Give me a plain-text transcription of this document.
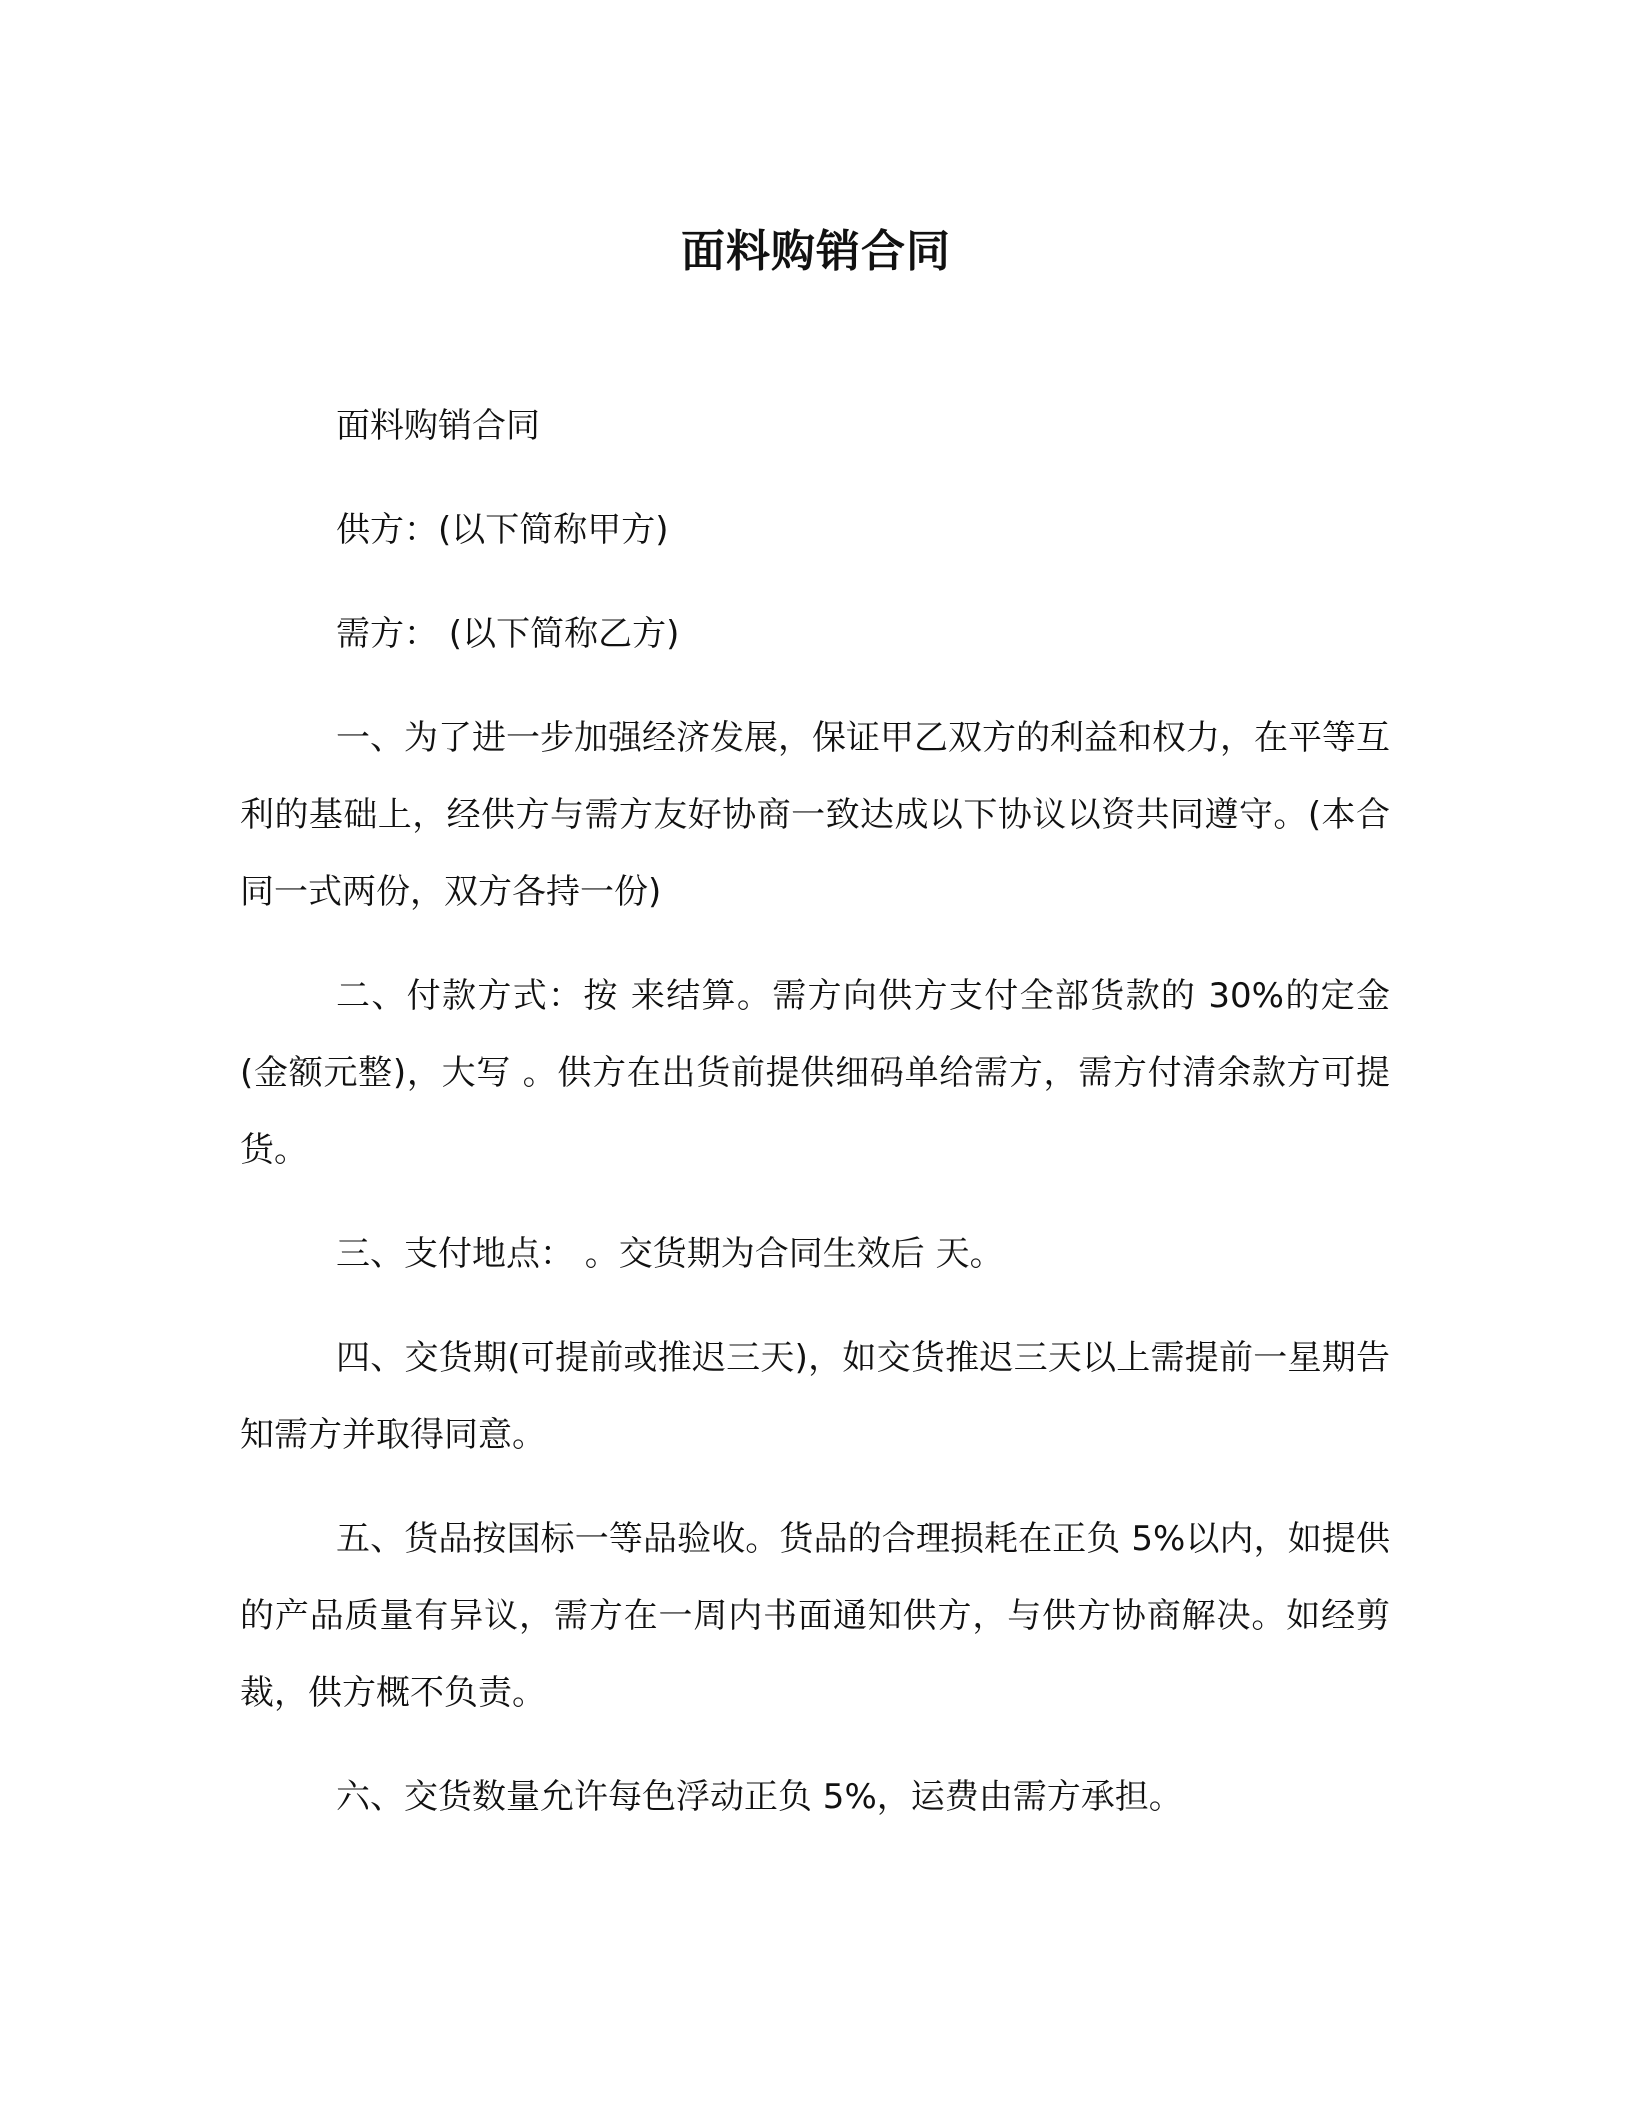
面料购销合同

面料购销合同

供方：(以下简称甲方)

需方： (以下简称乙方)

一、为了进一步加强经济发展，保证甲乙双方的利益和权力，在平等互利的基础上，经供方与需方友好协商一致达成以下协议以资共同遵守。(本合同一式两份，双方各持一份)

二、付款方式：按 来结算。需方向供方支付全部货款的 30%的定金(金额元整)，大写 。供方在出货前提供细码单给需方，需方付清余款方可提货。

三、支付地点： 。交货期为合同生效后 天。

四、交货期(可提前或推迟三天)，如交货推迟三天以上需提前一星期告知需方并取得同意。

五、货品按国标一等品验收。货品的合理损耗在正负 5%以内，如提供的产品质量有异议，需方在一周内书面通知供方，与供方协商解决。如经剪裁，供方概不负责。

六、交货数量允许每色浮动正负 5%，运费由需方承担。
